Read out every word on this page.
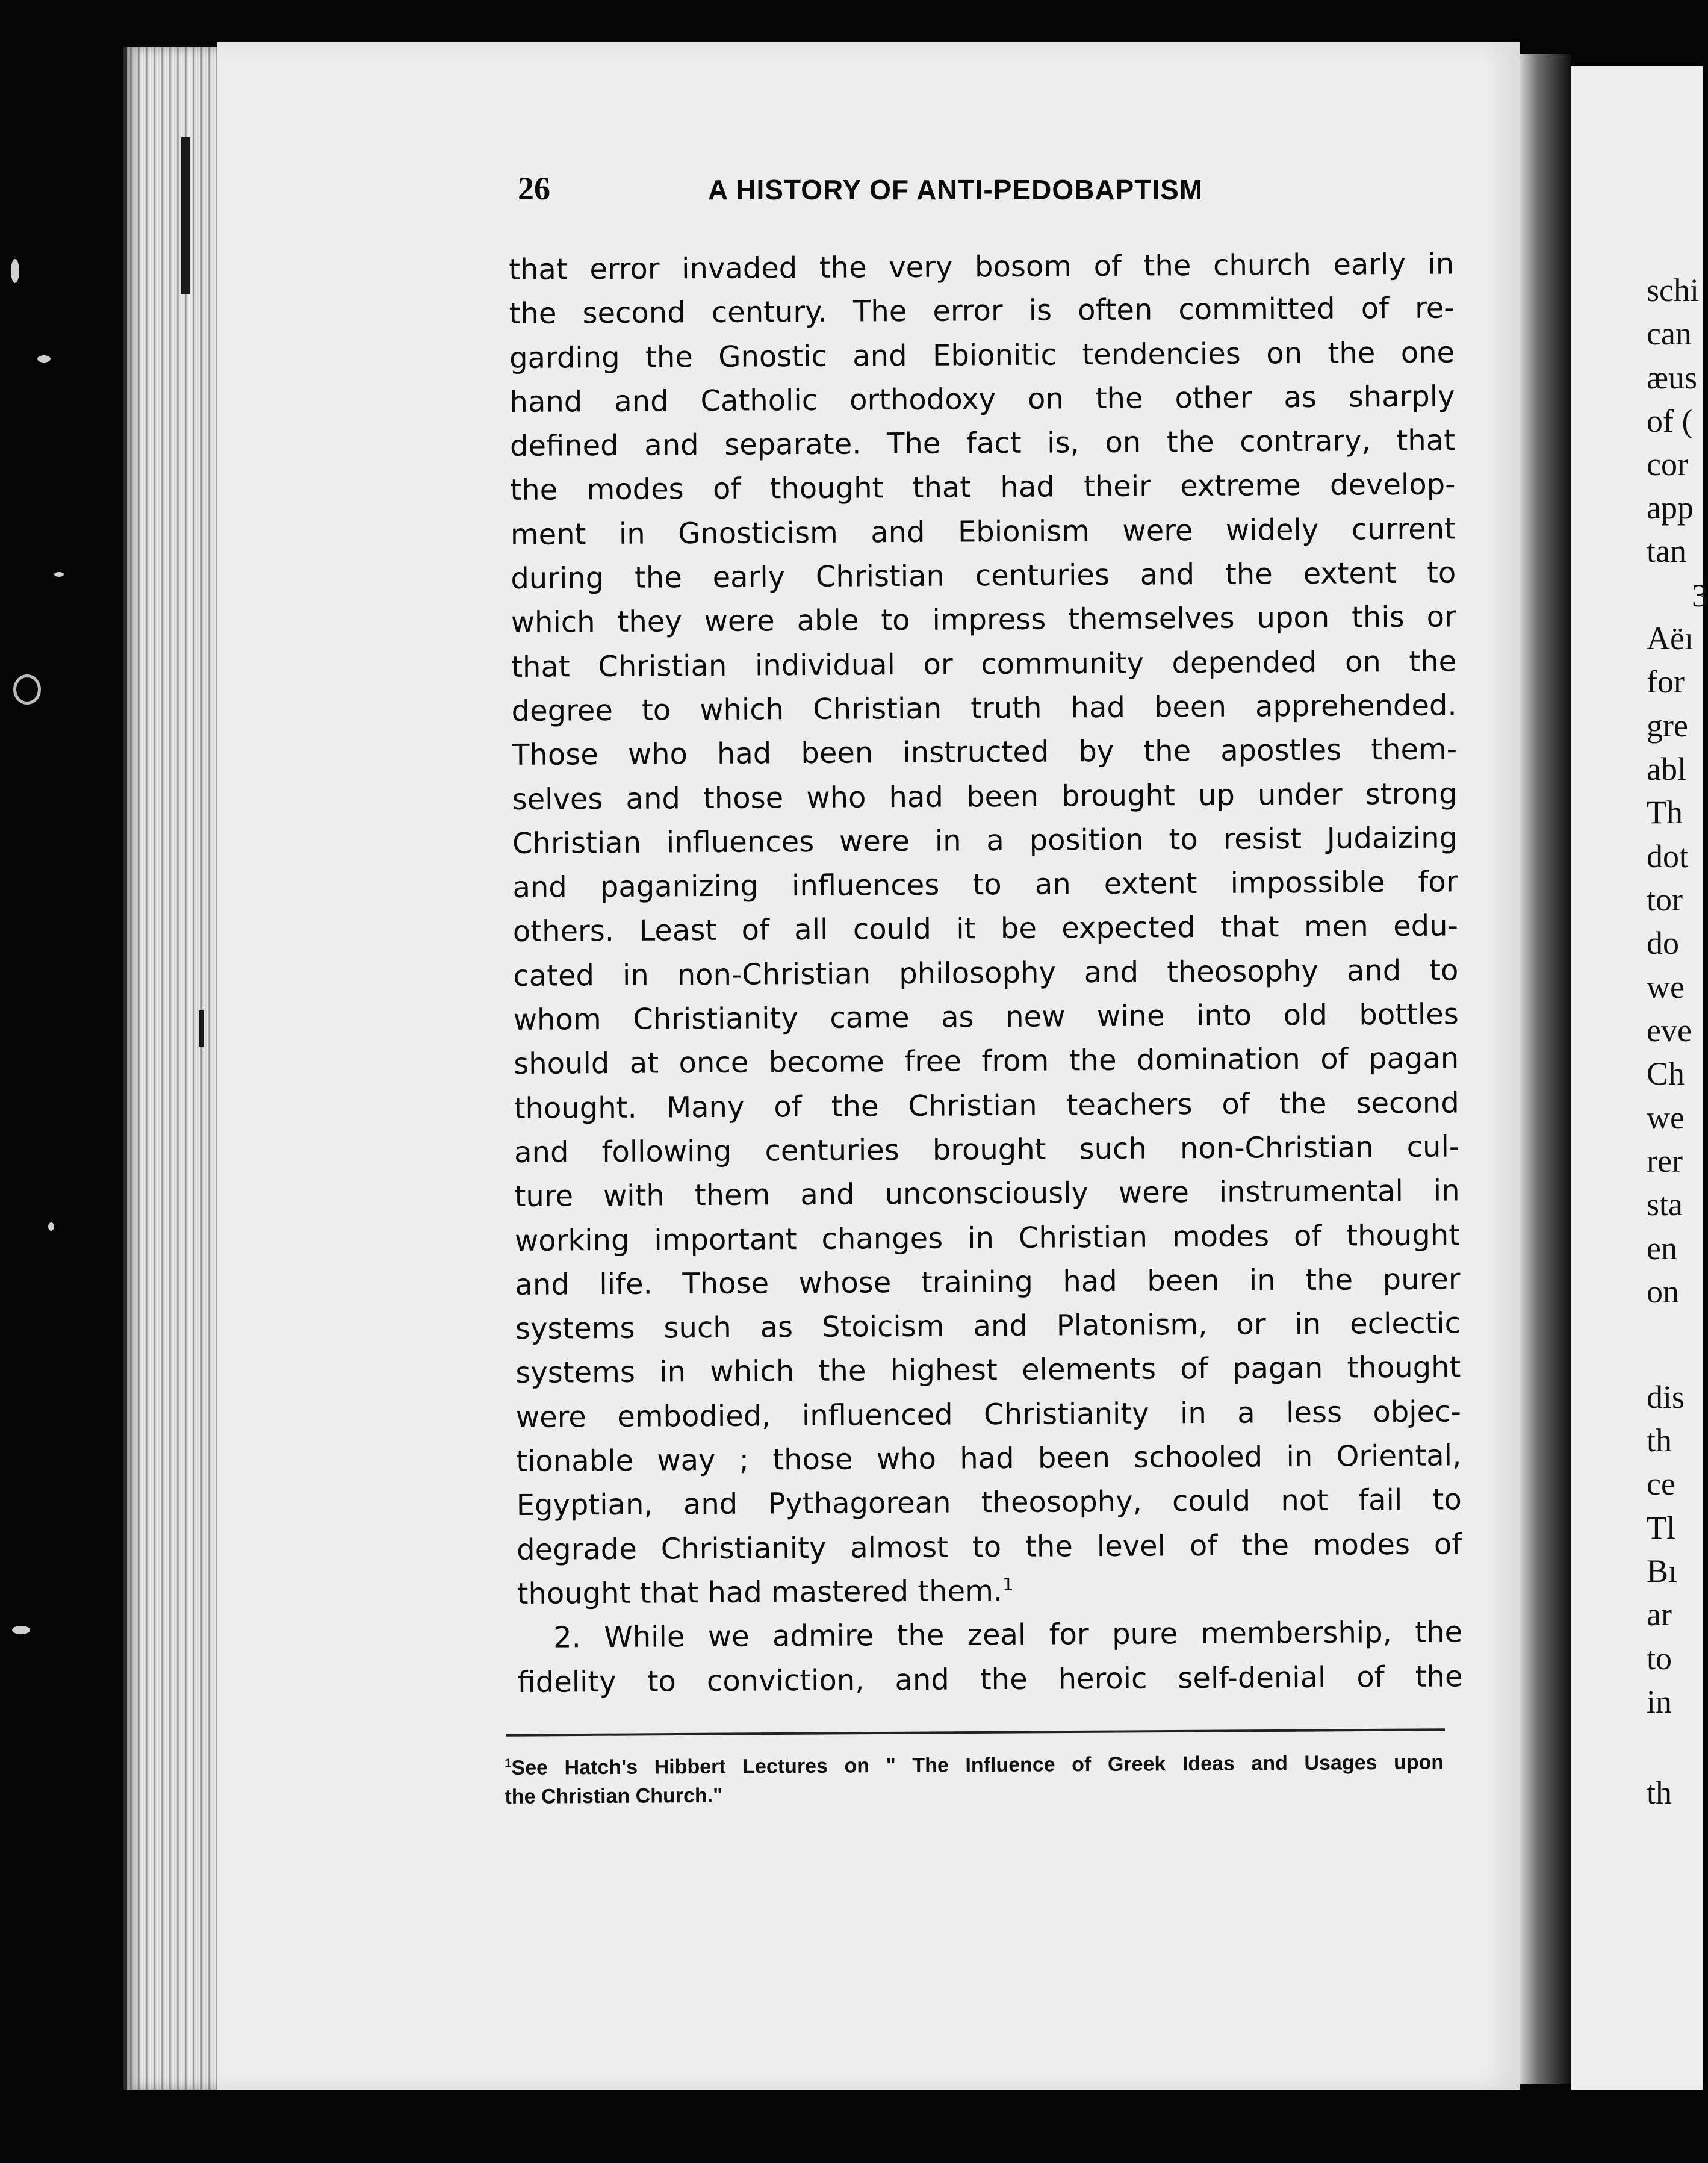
schi
can
æus
of (
cor
app
tan
3
Aëı
for
gre
abl
Th
dot
tor
do
we
eve
Ch
we
rer
sta
en
on
dis
th
ce
Tl
Bı
ar
to
in
th
26	A HISTORY OF ANTI-PEDOBAPTISM
that error invaded the very bosom of the church early in
the second century. The error is often committed of re-
garding the Gnostic and Ebionitic tendencies on the one
hand and Catholic orthodoxy on the other as sharply
defined and separate. The fact is, on the contrary, that
the modes of thought that had their extreme develop-
ment in Gnosticism and Ebionism were widely current
during the early Christian centuries and the extent to
which they were able to impress themselves upon this or
that Christian individual or community depended on the
degree to which Christian truth had been apprehended.
Those who had been instructed by the apostles them-
selves and those who had been brought up under strong
Christian influences were in a position to resist Judaizing
and paganizing influences to an extent impossible for
others. Least of all could it be expected that men edu-
cated in non-Christian philosophy and theosophy and to
whom Christianity came as new wine into old bottles
should at once become free from the domination of pagan
thought. Many of the Christian teachers of the second
and following centuries brought such non-Christian cul-
ture with them and unconsciously were instrumental in
working important changes in Christian modes of thought
and life. Those whose training had been in the purer
systems such as Stoicism and Platonism, or in eclectic
systems in which the highest elements of pagan thought
were embodied, influenced Christianity in a less objec-
tionable way ; those who had been schooled in Oriental,
Egyptian, and Pythagorean theosophy, could not fail to
degrade Christianity almost to the level of the modes of
thought that had mastered them.$^1$
2. While we admire the zeal for pure membership, the
fidelity to conviction, and the heroic self-denial of the
$^1$See Hatch's Hibbert Lectures on " The Influence of Greek Ideas and Usages upon
the Christian Church."
